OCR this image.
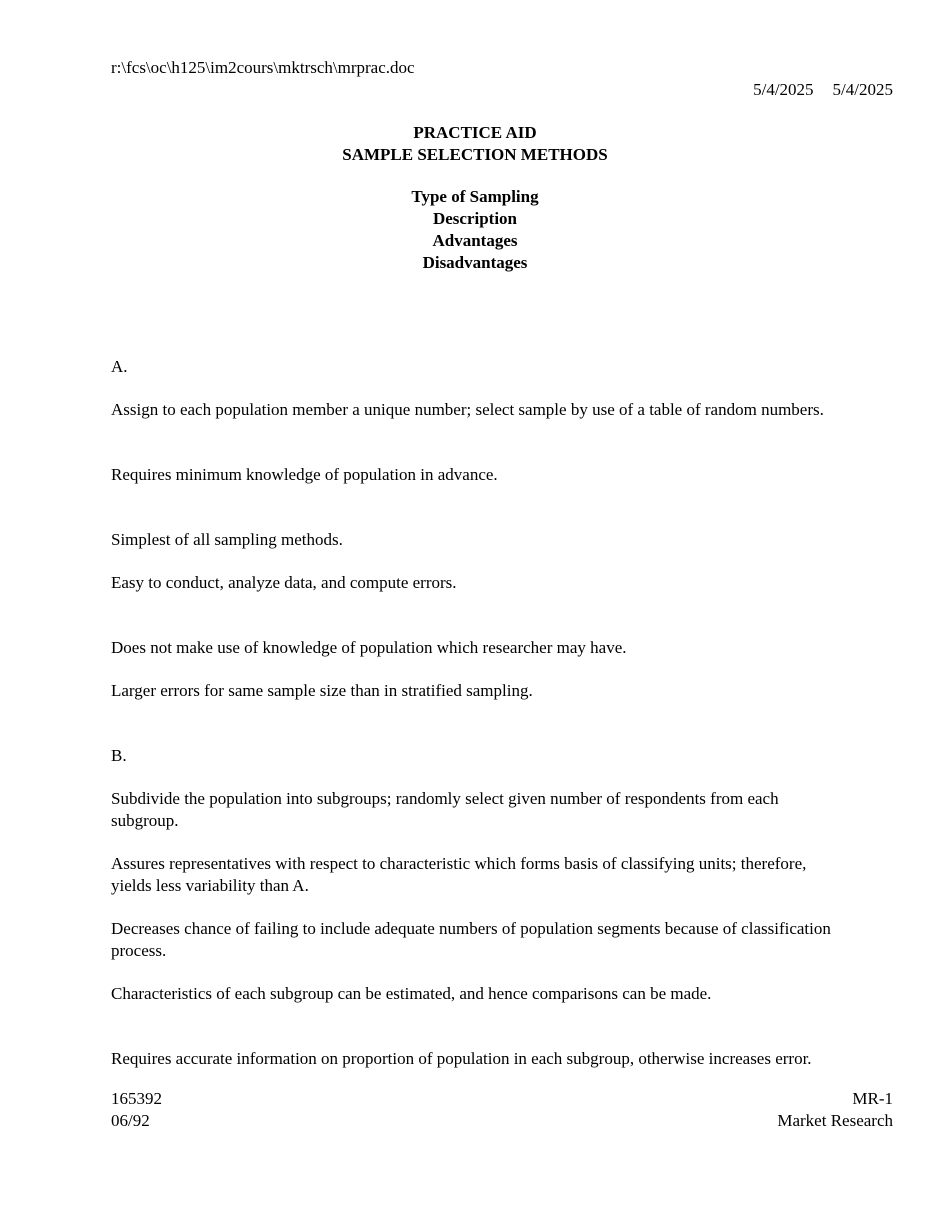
r:\fcs\oc\h125\im2cours\mktrsch\mrprac.doc

5/4/2025 5/4/2025

PRACTICE AID
SAMPLE SELECTION METHODS
Type of Sampling
Description
Advantages
Disadvantages

A.

Assign to each population member a unique number; select sample by use of a table of random numbers.

Requires minimum knowledge of population in advance.

Simplest of all sampling methods.

Easy to conduct, analyze data, and compute errors.

Does not make use of knowledge of population which researcher may have.

Larger errors for same sample size than in stratified sampling.

B.

Subdivide the population into subgroups; randomly select given number of respondents from each subgroup.

Assures representatives with respect to characteristic which forms basis of classifying units; therefore, yields less variability than A.

Decreases chance of failing to include adequate numbers of population segments because of classification process.

Characteristics of each subgroup can be estimated, and hence comparisons can be made.

Requires accurate information on proportion of population in each subgroup, otherwise increases error.

165392
06/92
MR-1
Market Research
